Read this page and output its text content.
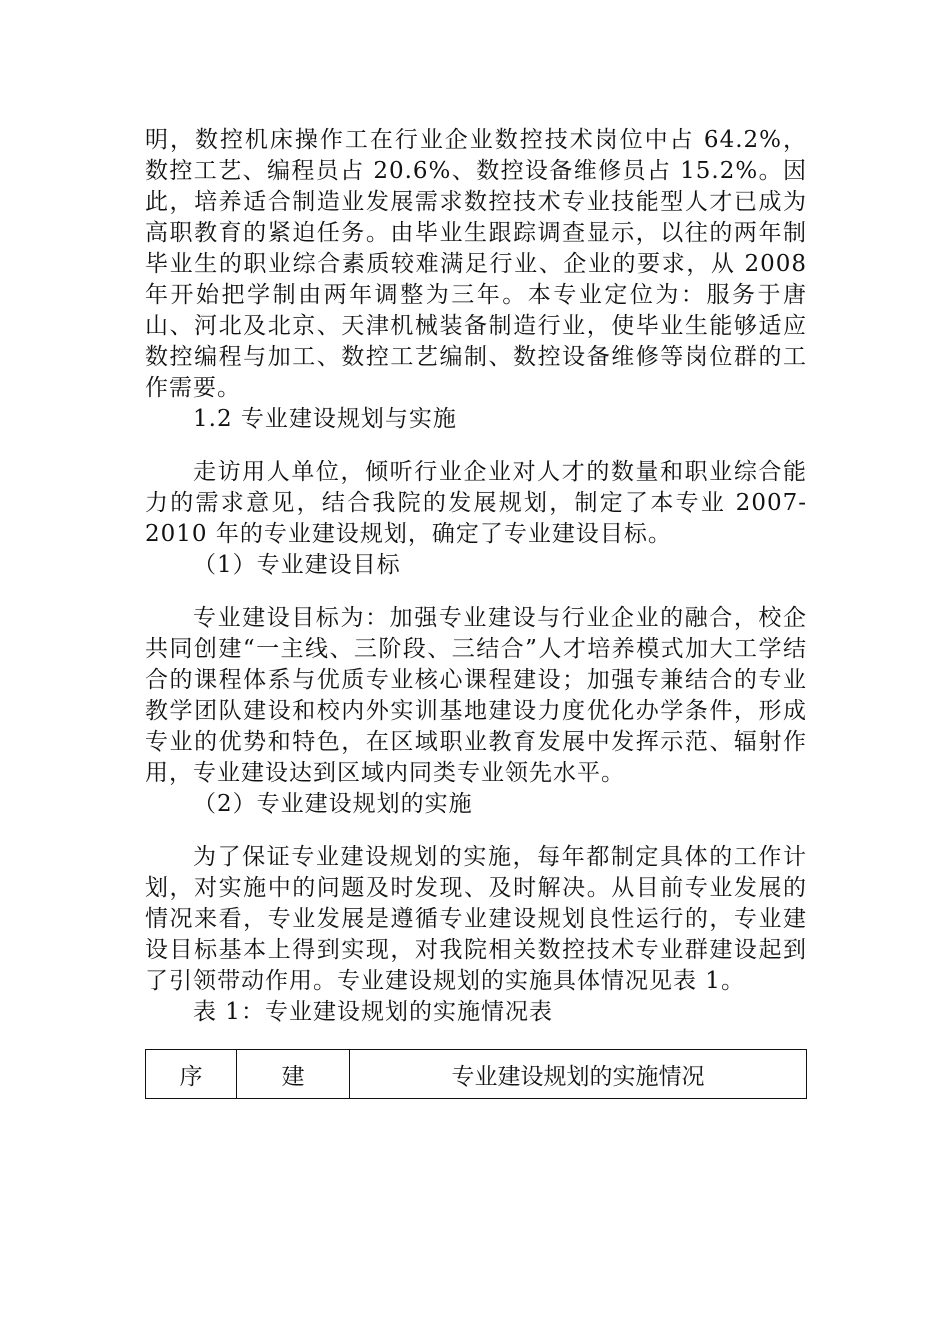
明，数控机床操作工在行业企业数控技术岗位中占 64.2%，数控工艺、编程员占 20.6%、数控设备维修员占 15.2%。因此，培养适合制造业发展需求数控技术专业技能型人才已成为高职教育的紧迫任务。由毕业生跟踪调查显示，以往的两年制毕业生的职业综合素质较难满足行业、企业的要求，从 2008 年开始把学制由两年调整为三年。本专业定位为：服务于唐山、河北及北京、天津机械装备制造行业，使毕业生能够适应数控编程与加工、数控工艺编制、数控设备维修等岗位群的工作需要。

1.2 专业建设规划与实施

走访用人单位，倾听行业企业对人才的数量和职业综合能力的需求意见，结合我院的发展规划，制定了本专业 2007-2010 年的专业建设规划，确定了专业建设目标。

（1）专业建设目标

专业建设目标为：加强专业建设与行业企业的融合，校企共同创建“一主线、三阶段、三结合”人才培养模式加大工学结合的课程体系与优质专业核心课程建设；加强专兼结合的专业教学团队建设和校内外实训基地建设力度优化办学条件，形成专业的优势和特色，在区域职业教育发展中发挥示范、辐射作用，专业建设达到区域内同类专业领先水平。

（2）专业建设规划的实施

为了保证专业建设规划的实施，每年都制定具体的工作计划，对实施中的问题及时发现、及时解决。从目前专业发展的情况来看，专业发展是遵循专业建设规划良性运行的，专业建设目标基本上得到实现，对我院相关数控技术专业群建设起到了引领带动作用。专业建设规划的实施具体情况见表 1。

表 1：专业建设规划的实施情况表

序	建	专业建设规划的实施情况
